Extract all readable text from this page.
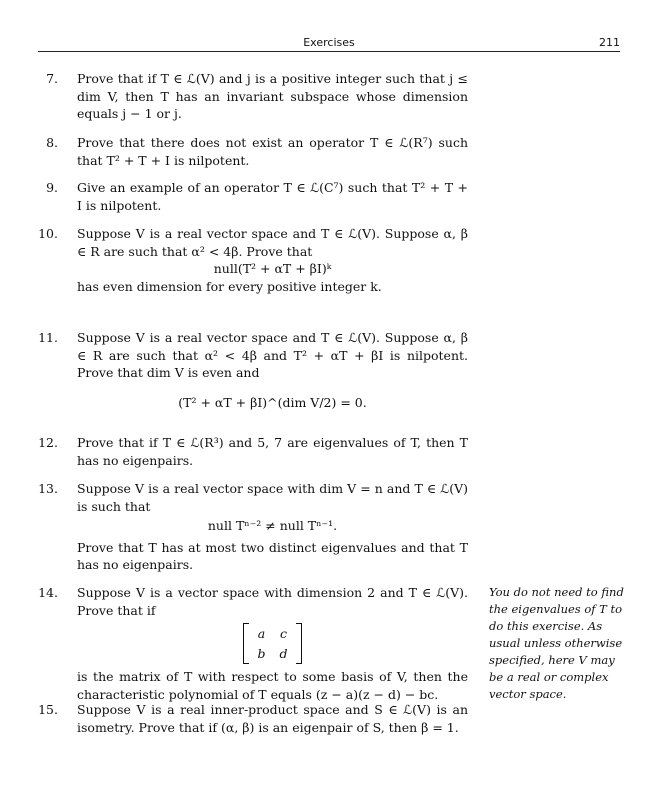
Exercises	211
7. Prove that if T ∈ ℒ(V) and j is a positive integer such that j ≤ dim V, then T has an invariant subspace whose dimension equals j − 1 or j.

8. Prove that there does not exist an operator T ∈ ℒ(R⁷) such that T² + T + I is nilpotent.

9. Give an example of an operator T ∈ ℒ(C⁷) such that T² + T + I is nilpotent.

10. Suppose V is a real vector space and T ∈ ℒ(V). Suppose α, β ∈ R are such that α² < 4β. Prove that

null(T² + αT + βI)ᵏ

has even dimension for every positive integer k.

11. Suppose V is a real vector space and T ∈ ℒ(V). Suppose α, β ∈ R are such that α² < 4β and T² + αT + βI is nilpotent. Prove that dim V is even and

(T² + αT + βI)^(dim V/2) = 0.

12. Prove that if T ∈ ℒ(R³) and 5, 7 are eigenvalues of T, then T has no eigenpairs.

13. Suppose V is a real vector space with dim V = n and T ∈ ℒ(V) is such that

null Tⁿ⁻² ≠ null Tⁿ⁻¹.

Prove that T has at most two distinct eigenvalues and that T has no eigenpairs.

14. Suppose V is a vector space with dimension 2 and T ∈ ℒ(V). Prove that if

a	c
b	d

is the matrix of T with respect to some basis of V, then the characteristic polynomial of T equals (z − a)(z − d) − bc.

15. Suppose V is a real inner-product space and S ∈ ℒ(V) is an isometry. Prove that if (α, β) is an eigenpair of S, then β = 1.

You do not need to find the eigenvalues of T to do this exercise. As usual unless otherwise specified, here V may be a real or complex vector space.
